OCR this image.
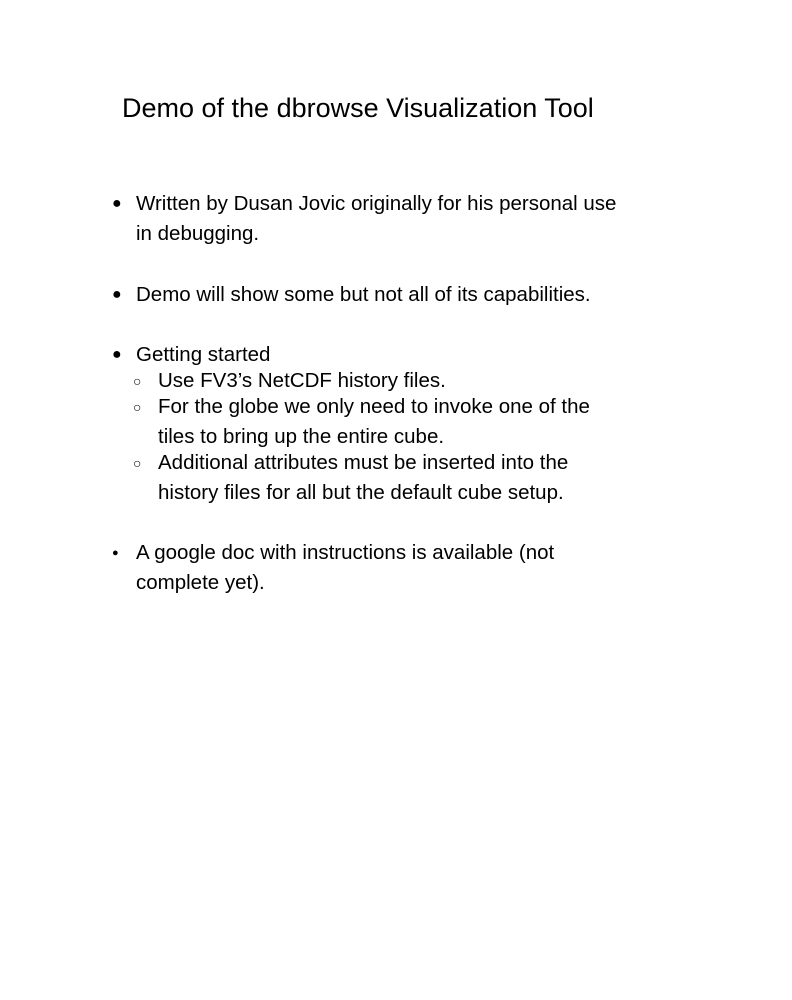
Demo of the dbrowse Visualization Tool
● Written by Dusan Jovic originally for his personal use
in debugging.
● Demo will show some but not all of its capabilities.
● Getting started
○ Use FV3’s NetCDF history files.
○ For the globe we only need to invoke one of the
tiles to bring up the entire cube.
○ Additional attributes must be inserted into the
history files for all but the default cube setup.
● A google doc with instructions is available (not
complete yet).
